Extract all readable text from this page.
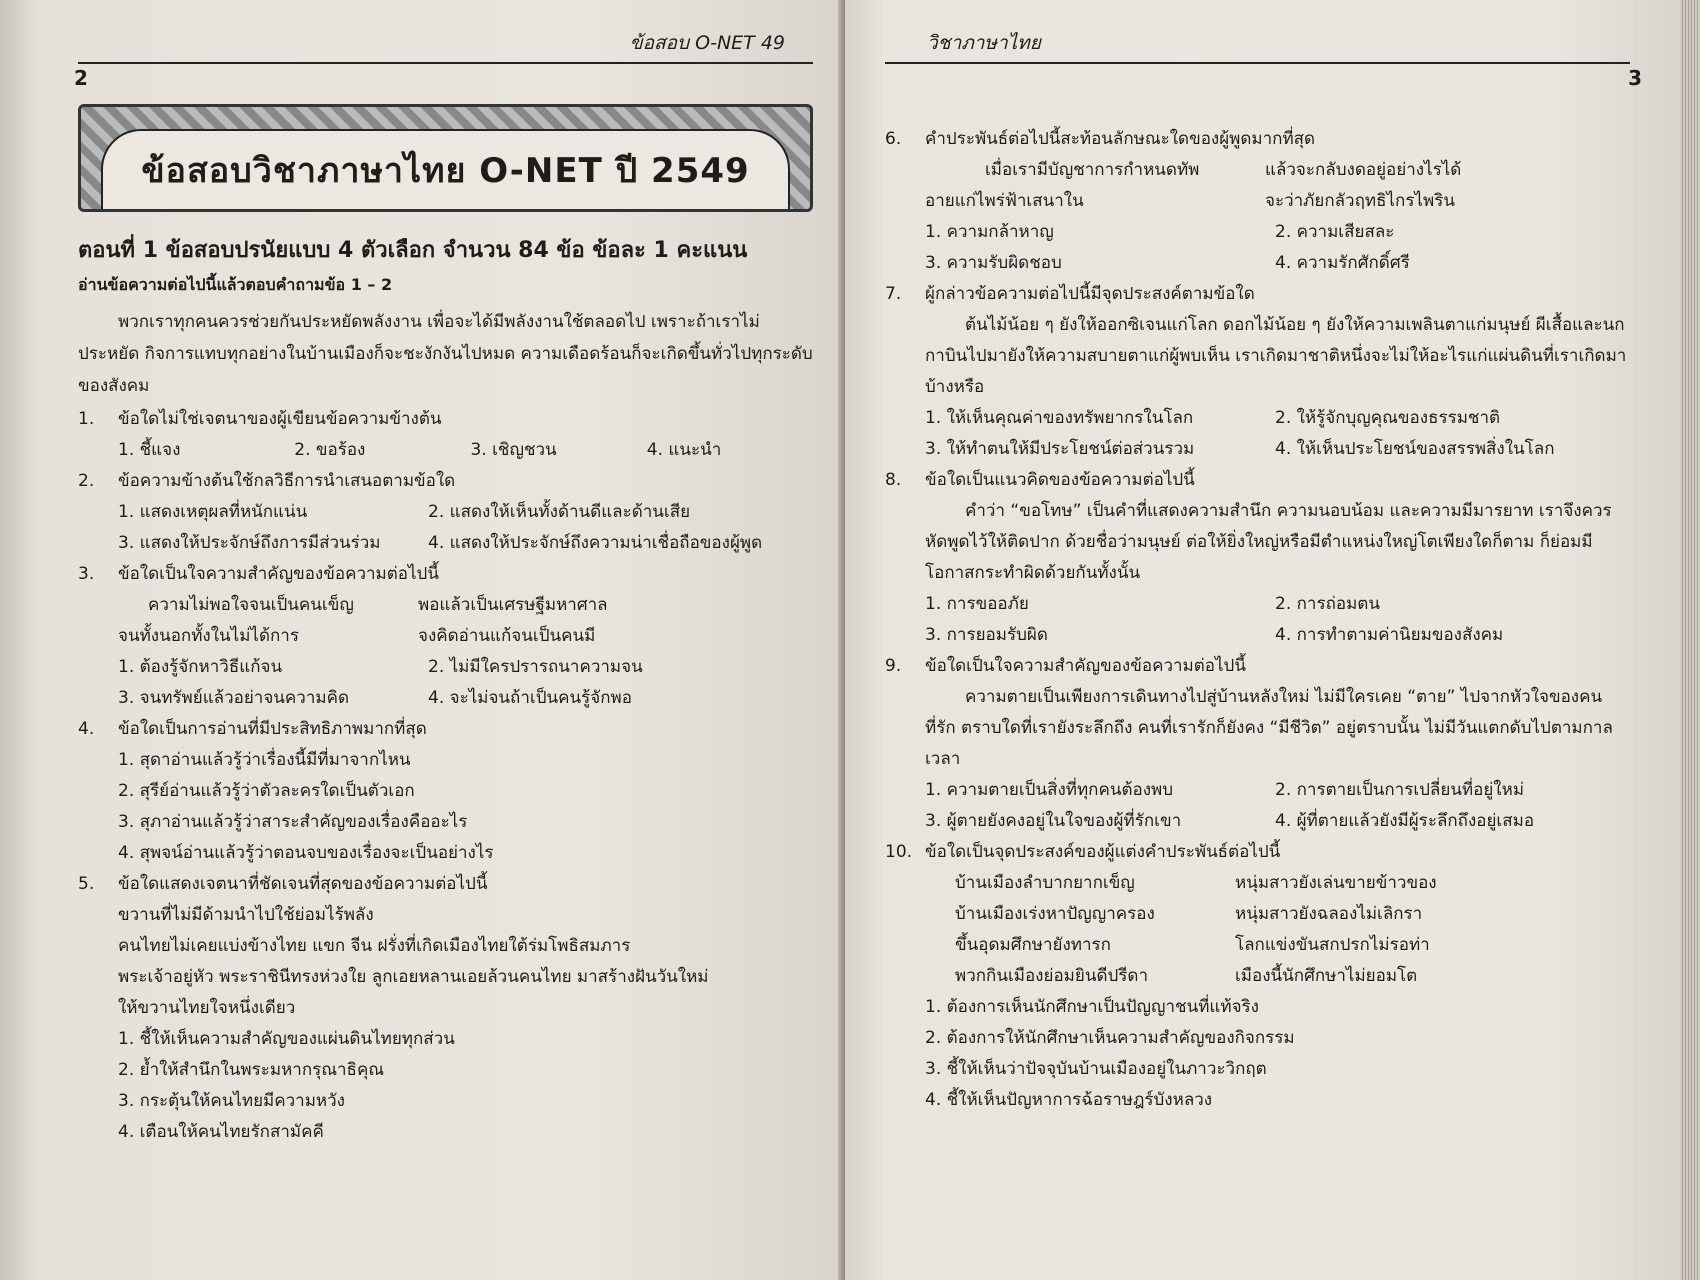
ข้อสอบ O-NET 49
2
ข้อสอบวิชาภาษาไทย O-NET ปี 2549
ตอนที่ 1 ข้อสอบปรนัยแบบ 4 ตัวเลือก จำนวน 84 ข้อ ข้อละ 1 คะแนน
อ่านข้อความต่อไปนี้แล้วตอบคำถามข้อ 1 – 2
พวกเราทุกคนควรช่วยกันประหยัดพลังงาน เพื่อจะได้มีพลังงานใช้ตลอดไป เพราะถ้าเราไม่ประหยัด กิจการแทบทุกอย่างในบ้านเมืองก็จะชะงักงันไปหมด ความเดือดร้อนก็จะเกิดขึ้นทั่วไปทุกระดับของสังคม
1.	ข้อใดไม่ใช่เจตนาของผู้เขียนข้อความข้างต้น
1. ชี้แจง	2. ขอร้อง	3. เชิญชวน	4. แนะนำ
2.	ข้อความข้างต้นใช้กลวิธีการนำเสนอตามข้อใด
1. แสดงเหตุผลที่หนักแน่น	2. แสดงให้เห็นทั้งด้านดีและด้านเสีย
3. แสดงให้ประจักษ์ถึงการมีส่วนร่วม	4. แสดงให้ประจักษ์ถึงความน่าเชื่อถือของผู้พูด
3.	ข้อใดเป็นใจความสำคัญของข้อความต่อไปนี้
ความไม่พอใจจนเป็นคนเข็ญ	พอแล้วเป็นเศรษฐีมหาศาล
จนทั้งนอกทั้งในไม่ได้การ	จงคิดอ่านแก้จนเป็นคนมี
1. ต้องรู้จักหาวิธีแก้จน	2. ไม่มีใครปรารถนาความจน
3. จนทรัพย์แล้วอย่าจนความคิด	4. จะไม่จนถ้าเป็นคนรู้จักพอ
4.	ข้อใดเป็นการอ่านที่มีประสิทธิภาพมากที่สุด
1. สุดาอ่านแล้วรู้ว่าเรื่องนี้มีที่มาจากไหน
2. สุรีย์อ่านแล้วรู้ว่าตัวละครใดเป็นตัวเอก
3. สุภาอ่านแล้วรู้ว่าสาระสำคัญของเรื่องคืออะไร
4. สุพจน์อ่านแล้วรู้ว่าตอนจบของเรื่องจะเป็นอย่างไร
5.	ข้อใดแสดงเจตนาที่ชัดเจนที่สุดของข้อความต่อไปนี้
ขวานที่ไม่มีด้ามนำไปใช้ย่อมไร้พลัง
คนไทยไม่เคยแบ่งข้างไทย แขก จีน ฝรั่งที่เกิดเมืองไทยใต้ร่มโพธิสมภาร
พระเจ้าอยู่หัว พระราชินีทรงห่วงใย ลูกเอยหลานเอยล้วนคนไทย มาสร้างฝันวันใหม่
ให้ขวานไทยใจหนึ่งเดียว
1. ชี้ให้เห็นความสำคัญของแผ่นดินไทยทุกส่วน
2. ย้ำให้สำนึกในพระมหากรุณาธิคุณ
3. กระตุ้นให้คนไทยมีความหวัง
4. เตือนให้คนไทยรักสามัคคี
วิชาภาษาไทย
3
6.	คำประพันธ์ต่อไปนี้สะท้อนลักษณะใดของผู้พูดมากที่สุด
เมื่อเรามีบัญชาการกำหนดทัพ	แล้วจะกลับงดอยู่อย่างไรได้
อายแก่ไพร่ฟ้าเสนาใน	จะว่าภัยกลัวฤทธิไกรไพริน
1. ความกล้าหาญ	2. ความเสียสละ
3. ความรับผิดชอบ	4. ความรักศักดิ์ศรี
7.	ผู้กล่าวข้อความต่อไปนี้มีจุดประสงค์ตามข้อใด
ต้นไม้น้อย ๆ ยังให้ออกซิเจนแก่โลก ดอกไม้น้อย ๆ ยังให้ความเพลินตาแก่มนุษย์ ผีเสื้อและนกกาบินไปมายังให้ความสบายตาแก่ผู้พบเห็น เราเกิดมาชาติหนึ่งจะไม่ให้อะไรแก่แผ่นดินที่เราเกิดมาบ้างหรือ
1. ให้เห็นคุณค่าของทรัพยากรในโลก	2. ให้รู้จักบุญคุณของธรรมชาติ
3. ให้ทำตนให้มีประโยชน์ต่อส่วนรวม	4. ให้เห็นประโยชน์ของสรรพสิ่งในโลก
8.	ข้อใดเป็นแนวคิดของข้อความต่อไปนี้
คำว่า “ขอโทษ” เป็นคำที่แสดงความสำนึก ความนอบน้อม และความมีมารยาท เราจึงควรหัดพูดไว้ให้ติดปาก ด้วยชื่อว่ามนุษย์ ต่อให้ยิ่งใหญ่หรือมีตำแหน่งใหญ่โตเพียงใดก็ตาม ก็ย่อมมีโอกาสกระทำผิดด้วยกันทั้งนั้น
1. การขออภัย	2. การถ่อมตน
3. การยอมรับผิด	4. การทำตามค่านิยมของสังคม
9.	ข้อใดเป็นใจความสำคัญของข้อความต่อไปนี้
ความตายเป็นเพียงการเดินทางไปสู่บ้านหลังใหม่ ไม่มีใครเคย “ตาย” ไปจากหัวใจของคนที่รัก ตราบใดที่เรายังระลึกถึง คนที่เรารักก็ยังคง “มีชีวิต” อยู่ตราบนั้น ไม่มีวันแตกดับไปตามกาลเวลา
1. ความตายเป็นสิ่งที่ทุกคนต้องพบ	2. การตายเป็นการเปลี่ยนที่อยู่ใหม่
3. ผู้ตายยังคงอยู่ในใจของผู้ที่รักเขา	4. ผู้ที่ตายแล้วยังมีผู้ระลึกถึงอยู่เสมอ
10. ข้อใดเป็นจุดประสงค์ของผู้แต่งคำประพันธ์ต่อไปนี้
บ้านเมืองลำบากยากเข็ญ	หนุ่มสาวยังเล่นขายข้าวของ
บ้านเมืองเร่งหาปัญญาครอง	หนุ่มสาวยังฉลองไม่เลิกรา
ขึ้นอุดมศึกษายังทารก	โลกแข่งขันสกปรกไม่รอท่า
พวกกินเมืองย่อมยินดีปรีดา	เมืองนี้นักศึกษาไม่ยอมโต
1. ต้องการเห็นนักศึกษาเป็นปัญญาชนที่แท้จริง
2. ต้องการให้นักศึกษาเห็นความสำคัญของกิจกรรม
3. ชี้ให้เห็นว่าปัจจุบันบ้านเมืองอยู่ในภาวะวิกฤต
4. ชี้ให้เห็นปัญหาการฉ้อราษฎร์บังหลวง
